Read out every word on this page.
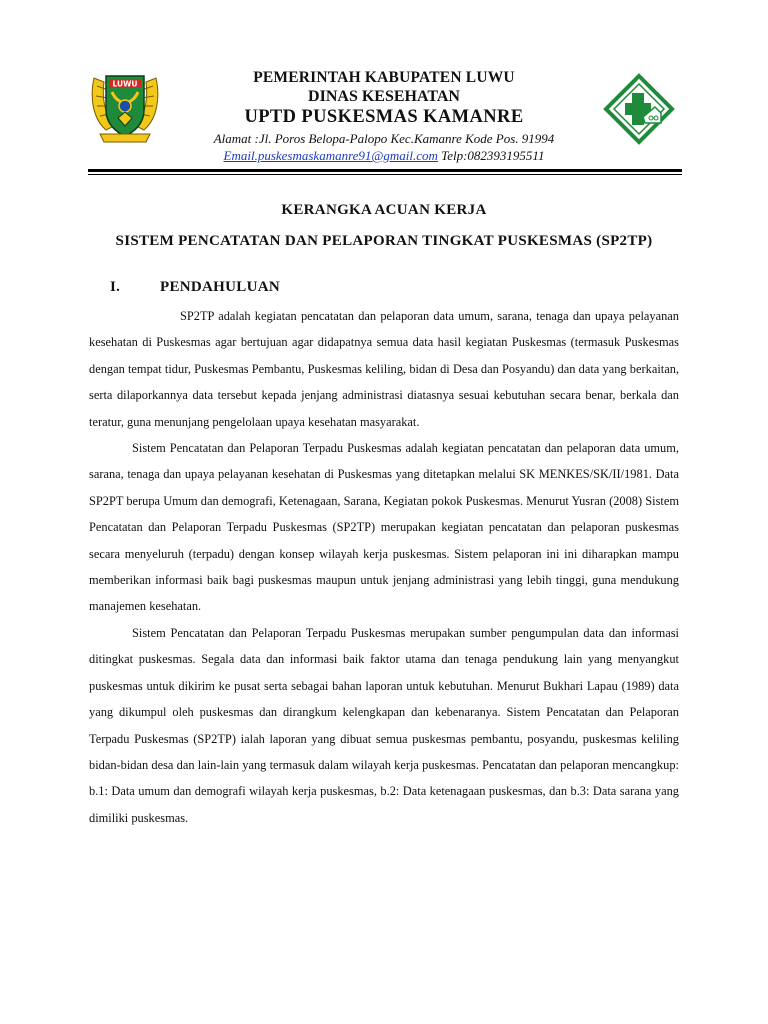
LUWU	PEMERINTAH KABUPATEN LUWU
DINAS KESEHATAN
UPTD PUSKESMAS KAMANRE
Alamat :Jl. Poros Belopa-Palopo Kec.Kamanre Kode Pos. 91994
Email.puskesmaskamanre91@gmail.com Telp:082393195511
KERANGKA ACUAN KERJA
SISTEM PENCATATAN DAN PELAPORAN TINGKAT PUSKESMAS (SP2TP)
I.	PENDAHULUAN

SP2TP adalah kegiatan pencatatan dan pelaporan data umum, sarana, tenaga dan upaya pelayanan kesehatan di Puskesmas agar bertujuan agar didapatnya semua data hasil kegiatan Puskesmas (termasuk Puskesmas dengan tempat tidur, Puskesmas Pembantu, Puskesmas keliling, bidan di Desa dan Posyandu) dan data yang berkaitan, serta dilaporkannya data tersebut kepada jenjang administrasi diatasnya sesuai kebutuhan secara benar, berkala dan teratur, guna menunjang pengelolaan upaya kesehatan masyarakat.

Sistem Pencatatan dan Pelaporan Terpadu Puskesmas adalah kegiatan pencatatan dan pelaporan data umum, sarana, tenaga dan upaya pelayanan kesehatan di Puskesmas yang ditetapkan melalui SK MENKES/SK/II/1981. Data SP2PT berupa Umum dan demografi, Ketenagaan, Sarana, Kegiatan pokok Puskesmas. Menurut Yusran (2008) Sistem Pencatatan dan Pelaporan Terpadu Puskesmas (SP2TP) merupakan kegiatan pencatatan dan pelaporan puskesmas secara menyeluruh (terpadu) dengan konsep wilayah kerja puskesmas. Sistem pelaporan ini ini diharapkan mampu memberikan informasi baik bagi puskesmas maupun untuk jenjang administrasi yang lebih tinggi, guna mendukung manajemen kesehatan.

Sistem Pencatatan dan Pelaporan Terpadu Puskesmas merupakan sumber pengumpulan data dan informasi ditingkat puskesmas. Segala data dan informasi baik faktor utama dan tenaga pendukung lain yang menyangkut puskesmas untuk dikirim ke pusat serta sebagai bahan laporan untuk kebutuhan. Menurut Bukhari Lapau (1989) data yang dikumpul oleh puskesmas dan dirangkum kelengkapan dan kebenaranya. Sistem Pencatatan dan Pelaporan Terpadu Puskesmas (SP2TP) ialah laporan yang dibuat semua puskesmas pembantu, posyandu, puskesmas keliling bidan-bidan desa dan lain-lain yang termasuk dalam wilayah kerja puskesmas. Pencatatan dan pelaporan mencangkup: b.1: Data umum dan demografi wilayah kerja puskesmas, b.2: Data ketenagaan puskesmas, dan b.3: Data sarana yang dimiliki puskesmas.
